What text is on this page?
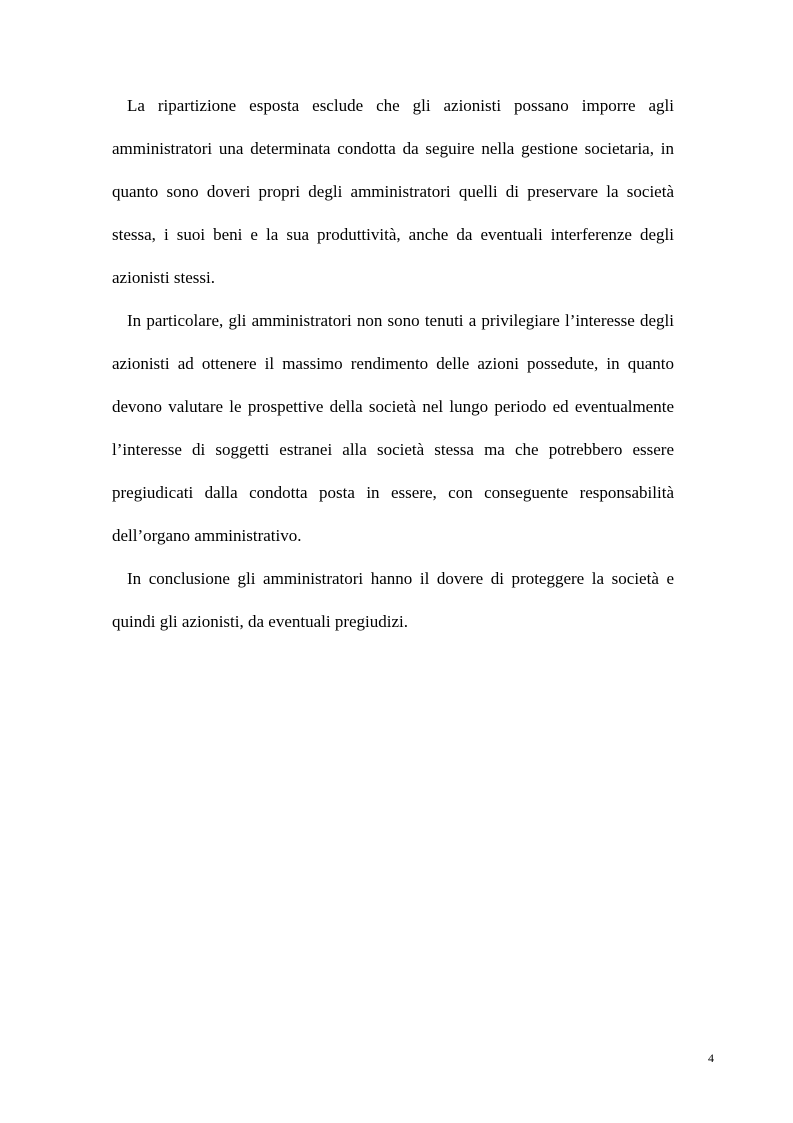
La ripartizione esposta esclude che gli azionisti possano imporre agli amministratori una determinata condotta da seguire nella gestione societaria, in quanto sono doveri propri degli amministratori quelli di preservare la società stessa, i suoi beni e la sua produttività, anche da eventuali interferenze degli azionisti stessi.

In particolare, gli amministratori non sono tenuti a privilegiare l’interesse degli azionisti ad ottenere il massimo rendimento delle azioni possedute, in quanto devono valutare le prospettive della società nel lungo periodo ed eventualmente l’interesse di soggetti estranei alla società stessa ma che potrebbero essere pregiudicati dalla condotta posta in essere, con conseguente responsabilità dell’organo amministrativo.

In conclusione gli amministratori hanno il dovere di proteggere la società e quindi gli azionisti, da eventuali pregiudizi.

4
